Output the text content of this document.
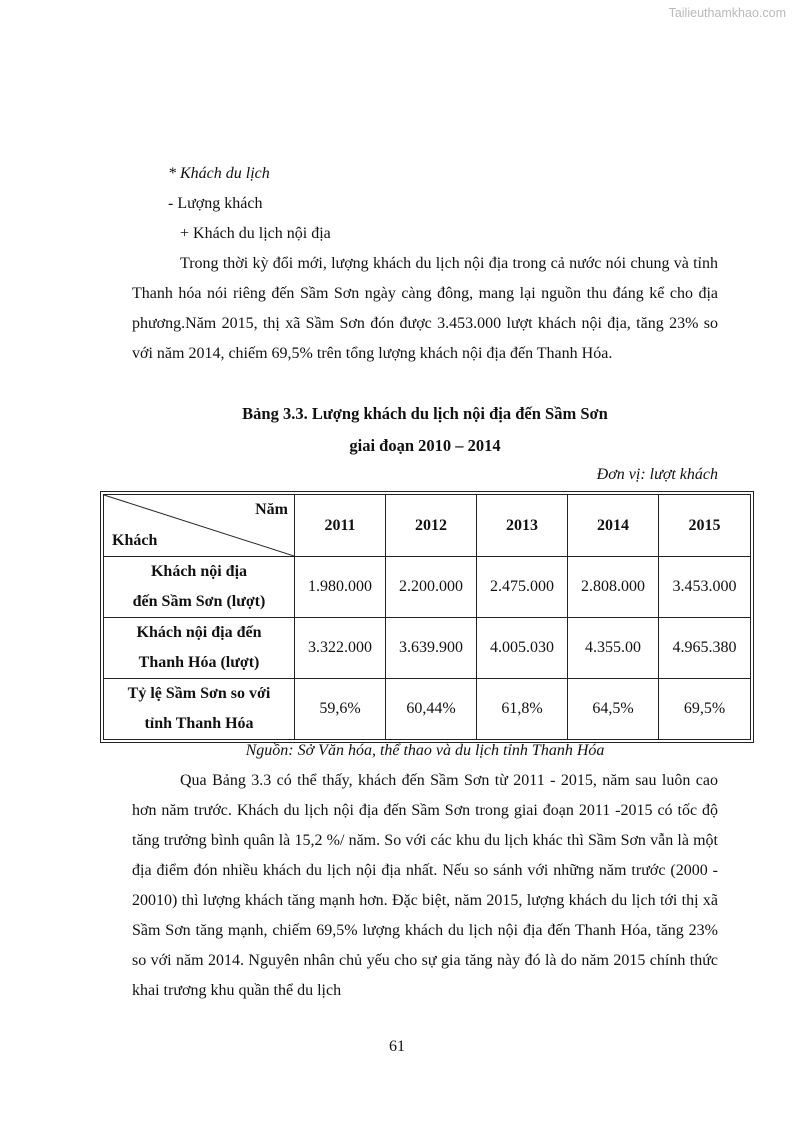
Tailieuthamkhao.com
* Khách du lịch
- Lượng khách
+ Khách du lịch nội địa
Trong thời kỳ đổi mới, lượng khách du lịch nội địa trong cả nước nói chung và tỉnh Thanh hóa nói riêng đến Sầm Sơn ngày càng đông, mang lại nguồn thu đáng kể cho địa phương.Năm 2015, thị xã Sầm Sơn đón được 3.453.000 lượt khách nội địa, tăng 23% so với năm 2014, chiếm 69,5% trên tổng lượng khách nội địa đến Thanh Hóa.
Bảng 3.3. Lượng khách du lịch nội địa đến Sầm Sơn
giai đoạn 2010 – 2014
Đơn vị: lượt khách
Năm
Khách	2011	2012	2013	2014	2015
Khách nội địa
đến Sầm Sơn (lượt)	1.980.000	2.200.000	2.475.000	2.808.000	3.453.000
Khách nội địa đến
Thanh Hóa (lượt)	3.322.000	3.639.900	4.005.030	4.355.00	4.965.380
Tỷ lệ Sầm Sơn so với
tỉnh Thanh Hóa	59,6%	60,44%	61,8%	64,5%	69,5%
Nguồn: Sở Văn hóa, thể thao và du lịch tỉnh Thanh Hóa
Qua Bảng 3.3 có thể thấy, khách đến Sầm Sơn từ 2011 - 2015, năm sau luôn cao hơn năm trước. Khách du lịch nội địa đến Sầm Sơn trong giai đoạn 2011 -2015 có tốc độ tăng trưởng bình quân là 15,2 %/ năm. So với các khu du lịch khác thì Sầm Sơn vẫn là một địa điểm đón nhiều khách du lịch nội địa nhất. Nếu so sánh với những năm trước (2000 - 20010) thì lượng khách tăng mạnh hơn. Đặc biệt, năm 2015, lượng khách du lịch tới thị xã Sầm Sơn tăng mạnh, chiếm 69,5% lượng khách du lịch nội địa đến Thanh Hóa, tăng 23% so với năm 2014. Nguyên nhân chủ yếu cho sự gia tăng này đó là do năm 2015 chính thức khai trương khu quần thể du lịch
61
